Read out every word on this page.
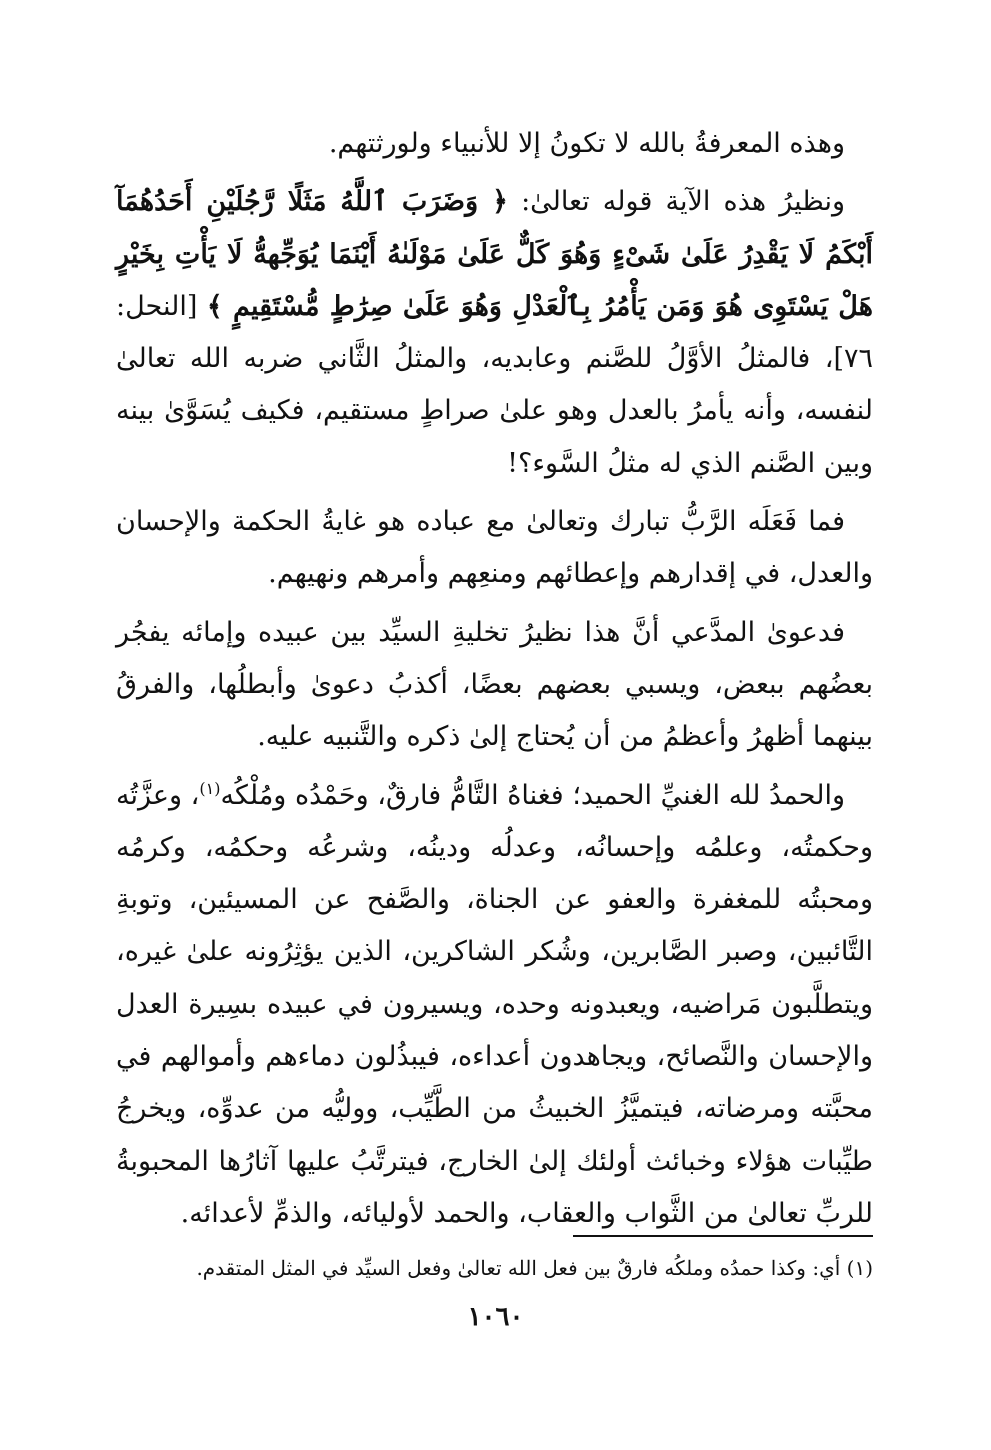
وهذه المعرفةُ بالله لا تكونُ إلا للأنبياء ولورثتهم.

ونظيرُ هذه الآية قوله تعالىٰ: ﴿ وَضَرَبَ ٱللَّهُ مَثَلًا رَّجُلَيْنِ أَحَدُهُمَآ أَبْكَمُ لَا يَقْدِرُ عَلَىٰ شَىْءٍ وَهُوَ كَلٌّ عَلَىٰ مَوْلَىٰهُ أَيْنَمَا يُوَجِّههُّ لَا يَأْتِ بِخَيْرٍ هَلْ يَسْتَوِى هُوَ وَمَن يَأْمُرُ بِٱلْعَدْلِ وَهُوَ عَلَىٰ صِرَٰطٍ مُّسْتَقِيمٍ ﴾ [النحل: ٧٦]، فالمثلُ الأوَّلُ للصَّنم وعابديه، والمثلُ الثَّاني ضربه الله تعالىٰ لنفسه، وأنه يأمرُ بالعدل وهو علىٰ صراطٍ مستقيم، فكيف يُسَوَّىٰ بينه وبين الصَّنم الذي له مثلُ السَّوء؟!

فما فَعَلَه الرَّبُّ تبارك وتعالىٰ مع عباده هو غايةُ الحكمة والإحسان والعدل، في إقدارهم وإعطائهم ومنعِهم وأمرهم ونهيهم.

فدعوىٰ المدَّعي أنَّ هذا نظيرُ تخليةِ السيِّد بين عبيده وإمائه يفجُر بعضُهم ببعض، ويسبي بعضهم بعضًا، أكذبُ دعوىٰ وأبطلُها، والفرقُ بينهما أظهرُ وأعظمُ من أن يُحتاج إلىٰ ذكره والتَّنبيه عليه.

والحمدُ لله الغنيِّ الحميد؛ فغناهُ التَّامُّ فارقٌ، وحَمْدُه ومُلْكُه$^{(١)}$، وعزَّتُه وحكمتُه، وعلمُه وإحسانُه، وعدلُه ودينُه، وشرعُه وحكمُه، وكرمُه ومحبتُه للمغفرة والعفو عن الجناة، والصَّفح عن المسيئين، وتوبةِ التَّائبين، وصبر الصَّابرين، وشُكر الشاكرين، الذين يؤثِرُونه علىٰ غيره، ويتطلَّبون مَراضيه، ويعبدونه وحده، ويسيرون في عبيده بسِيرة العدل والإحسان والنَّصائح، ويجاهدون أعداءه، فيبذُلون دماءهم وأموالهم في محبَّته ومرضاته، فيتميَّزُ الخبيثُ من الطَّيِّب، ووليُّه من عدوِّه، ويخرجُ طيِّبات هؤلاء وخبائث أولئك إلىٰ الخارج، فيترتَّبُ عليها آثارُها المحبوبةُ للربِّ تعالىٰ من الثَّواب والعقاب، والحمد لأوليائه، والذمِّ لأعدائه.

(١) أي: وكذا حمدُه وملكُه فارقٌ بين فعل الله تعالىٰ وفعل السيِّد في المثل المتقدم.
١٠٦٠
